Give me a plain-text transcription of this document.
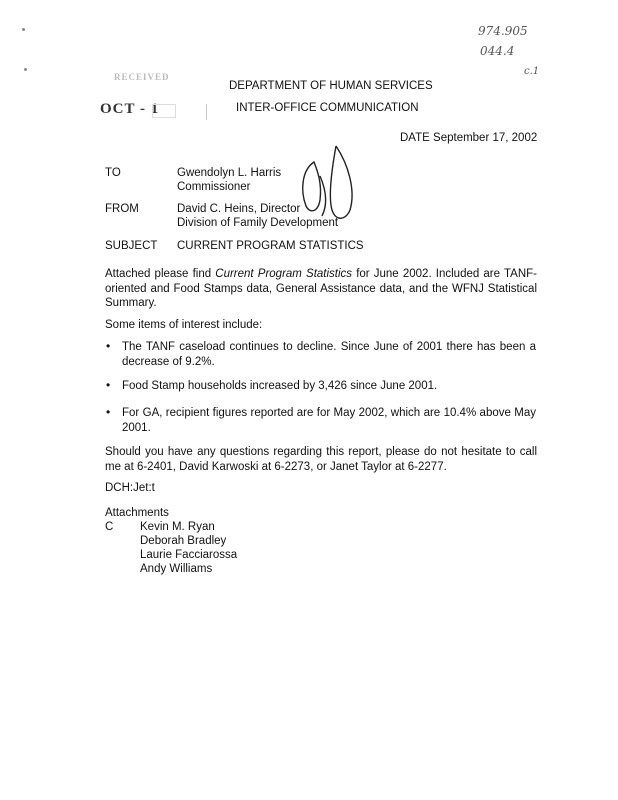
974.905
044.4
c.1
RECEIVED
OCT - 1
DEPARTMENT OF HUMAN SERVICES
INTER-OFFICE COMMUNICATION
DATE September 17, 2002
TO	Gwendolyn L. Harris
Commissioner
FROM	David C. Heins, Director
Division of Family Development
SUBJECT CURRENT PROGRAM STATISTICS
Attached please find Current Program Statistics for June 2002. Included are TANF-oriented and Food Stamps data, General Assistance data, and the WFNJ Statistical Summary.
Some items of interest include:
• The TANF caseload continues to decline. Since June of 2001 there has been a decrease of 9.2%.
• Food Stamp households increased by 3,426 since June 2001.
• For GA, recipient figures reported are for May 2002, which are 10.4% above May 2001.
Should you have any questions regarding this report, please do not hesitate to call me at 6-2401, David Karwoski at 6-2273, or Janet Taylor at 6-2277.
DCH:Jet:t
Attachments
C Kevin M. Ryan
Deborah Bradley
Laurie Facciarossa
Andy Williams
